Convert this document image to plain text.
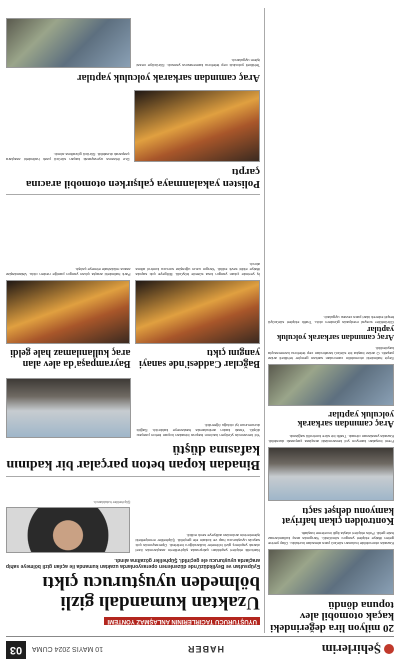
Şehirlerim
HABER
10 MAYIS 2024 CUMA
03
20 milyon lira değerindeki kaçak otomobil alev topuna döndü

Kazada otomobilde bulunan sürücü yara almadan kurtuldu. Olay yerine gelen itfaiye ekipleri yangını söndürdü. Yangında araç kullanılamaz hale geldi. Polis ekipleri olayla ilgili inceleme başlattı.

Kontrolden çıkan hafriyat kamyonu dehşet saçtı

Freni boşalan kamyon yol kenarındaki araçlara çarparak durabildi. Kazada yaralanan olmadı. Trafik bir süre kontrollü sağlandı.

Araç camından sarkarak yolculuk yaptılar

Seyir halindeki otomobilin camından sarkan gençler tehlikeli anlar yaşattı. O anlar başka bir sürücü tarafından cep telefonu kamerasıyla kaydedildi.

Araç camından sarkarak yolculuk yaptılar

Görüntüler sosyal medyada gündem oldu. Trafik ekipleri sürücüyü tespit ederek idari para cezası uyguladı.

UYUŞTURUCU TACİRLERİNİN ANLAŞMAZ YÖNTEMİ
Uzaktan kumandalı gizli bölmeden uyuşturucu çıktı
Eyüpsultan ve Beylikdüzü'nde düzenlenen operasyonlarda uzaktan kumanda ile açılan gizli bölmeye sahip araçlarda uyuşturucu ele geçirildi. Şüpheliler gözaltına alındı.
Narkotik ekipleri yaptıkları çalışmada şüphelilerin araçlarında özel olarak yapılmış gizli bölmeler kullandığını belirledi. Operasyonda çok sayıda uyuşturucu hap ve kokain ele geçirildi. Şüpheliler emniyetteki işlemlerinin ardından adliyeye sevk edildi.
Şüpheliler tutuklandı.
Binadan kopan beton parçalar bir kadının kafasına düştü
Yol kenarında yürüyen kadının başına binadan kopan beton parçası düştü. Yaralı kadın ambulansla hastaneye kaldırıldı. Sağlık durumunun iyi olduğu öğrenildi.
Bağcılar Caddesi'nde sanayi yangını çıktı
İş yerinde çıkan yangın kısa sürede büyüdü. Bölgeye çok sayıda itfaiye ekibi sevk edildi. Yangın uzun uğraşlar sonucu kontrol altına alındı.
Bayrampaşa'da alev alan araç kullanılamaz hale geldi
Park halindeki araçta çıkan yangın paniğe neden oldu. Vatandaşlar araca müdahale etmeye çalıştı.
Polisten yakalanmaya çalışırken otomobil aracına çarptı
Dur ihtarına uymayarak kaçan sürücü park halindeki araçlara çarparak durabildi. Sürücü gözaltına alındı.
Araç camından sarkarak yolculuk yaptılar
Tehlikeli yolculuk cep telefonu kamerasına yansıdı. Sürücüye cezai işlem uygulandı.
